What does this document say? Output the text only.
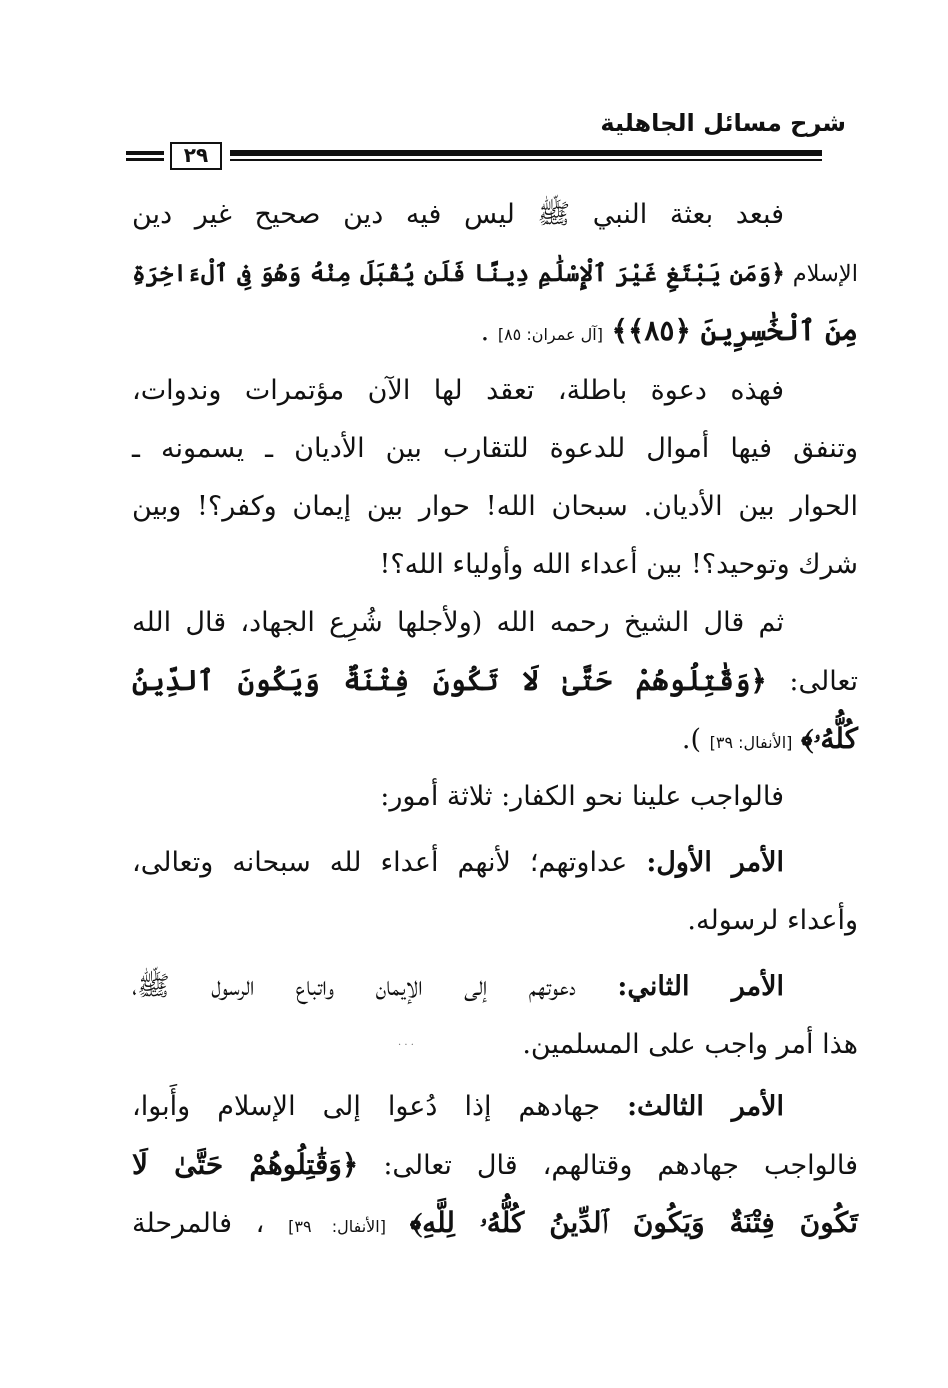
شرح مسائل الجاهلية
٢٩
فبعد بعثة النبي ﷺ ليس فيه دين صحيح غير دين
الإسلام ﴿وَمَن يَبْتَغِ غَيْرَ ٱلْإِسْلَٰمِ دِينًا فَلَن يُقْبَلَ مِنْهُ وَهُوَ فِى ٱلْءَاخِرَةِ
مِنَ ٱلْخَٰسِرِينَ ﴿٨٥﴾﴾ [آل عمران: ٨٥] .
فهذه دعوة باطلة، تعقد لها الآن مؤتمرات وندوات،
وتنفق فيها أموال للدعوة للتقارب بين الأديان ـ يسمونه ـ
الحوار بين الأديان. سبحان الله! حوار بين إيمان وكفر؟! وبين
شرك وتوحيد؟! بين أعداء الله وأولياء الله؟!
ثم قال الشيخ رحمه الله (ولأجلها شُرِع الجهاد، قال الله
تعالى: ﴿وَقَٰتِلُوهُمْ حَتَّىٰ لَا تَكُونَ فِتْنَةٌ وَيَكُونَ ٱلدِّينُ
كُلُّهُۥ﴾ [الأنفال: ٣٩] ).
فالواجب علينا نحو الكفار: ثلاثة أمور:
الأمر الأول: عداوتهم؛ لأنهم أعداء لله سبحانه وتعالى،
وأعداء لرسوله.
الأمر الثاني: دعوتهم إلى الإيمان واتباع الرسول ﷺ،
هذا أمر واجب على المسلمين.
· · ·
الأمر الثالث: جهادهم إذا دُعوا إلى الإسلام وأَبوا،
فالواجب جهادهم وقتالهم، قال تعالى: ﴿وَقَٰتِلُوهُمْ حَتَّىٰ لَا
تَكُونَ فِتْنَةٌ وَيَكُونَ ٱلدِّينُ كُلُّهُۥ لِلَّهِ﴾ [الأنفال: ٣٩] ، فالمرحلة
